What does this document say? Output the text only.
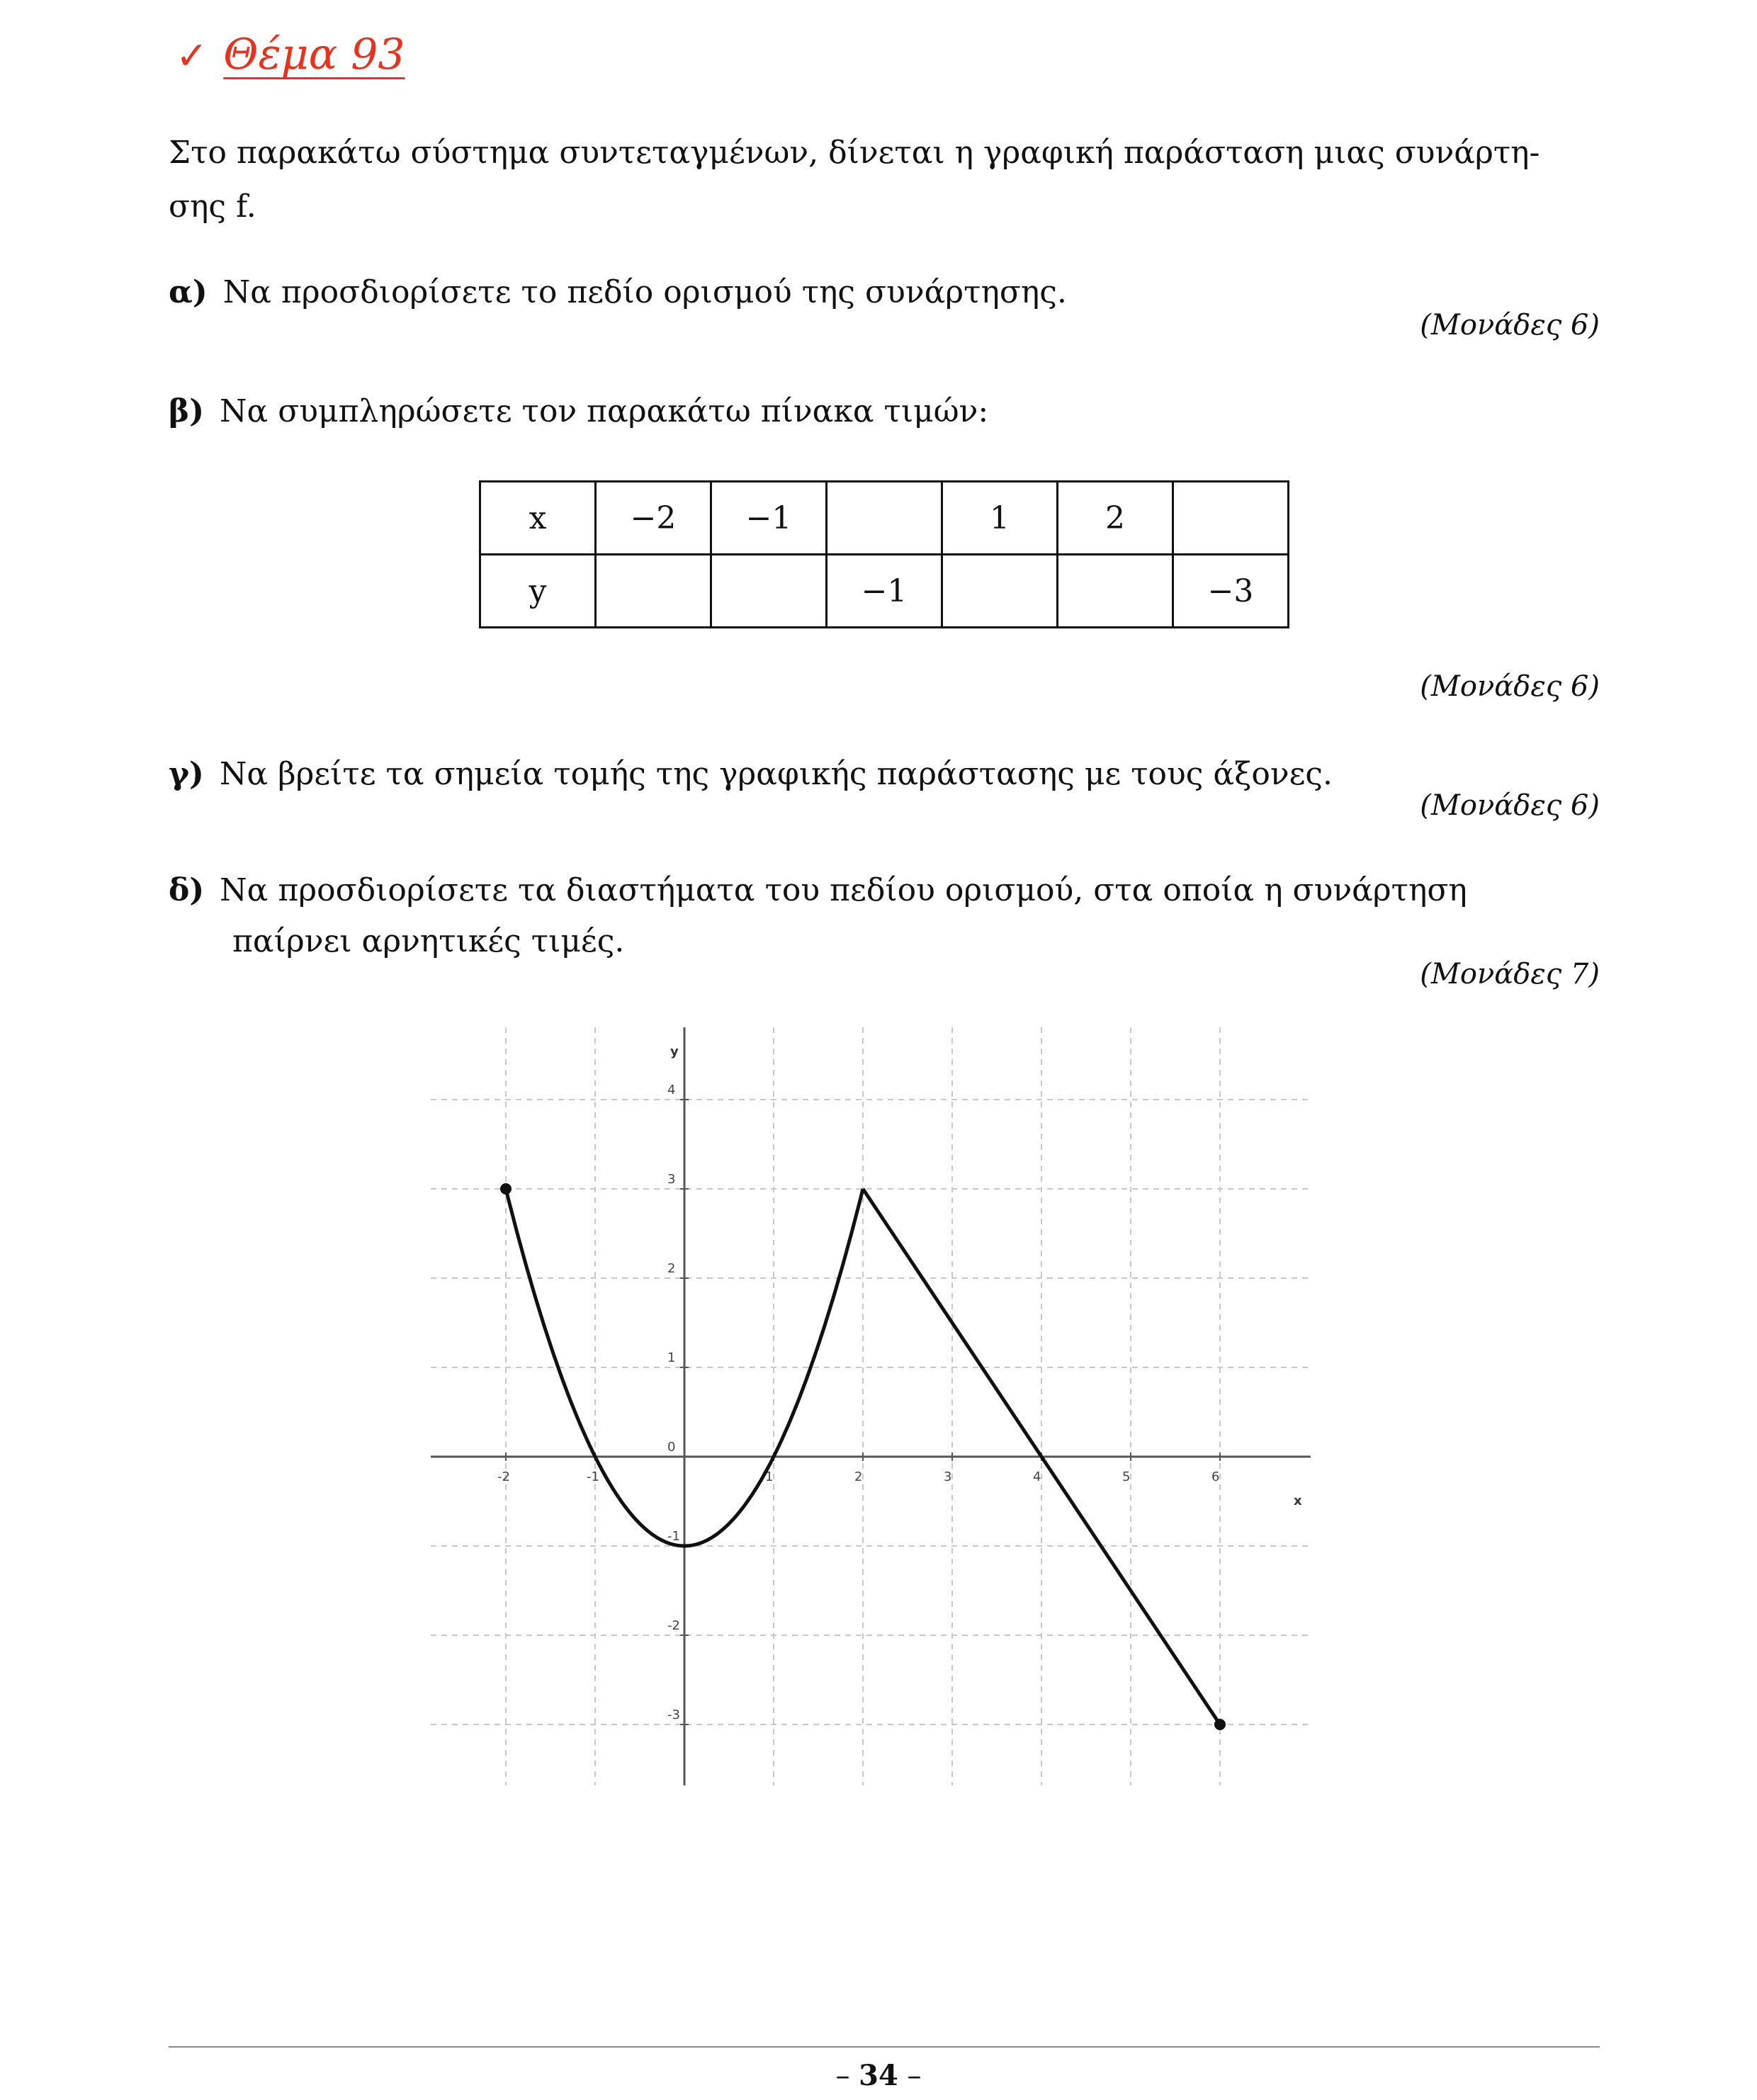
✓ Θέμα 93
Στο παρακάτω σύστημα συντεταγμένων, δίνεται η γραφική παράσταση μιας συνάρτη-
σης f.
α) Να προσδιορίσετε το πεδίο ορισμού της συνάρτησης.
(Μονάδες 6)
β) Να συμπληρώσετε τον παρακάτω πίνακα τιμών:
x	−2	−1		1	2	
y			−1			−3
(Μονάδες 6)
γ) Να βρείτε τα σημεία τομής της γραφικής παράστασης με τους άξονες.
(Μονάδες 6)
δ) Να προσδιορίσετε τα διαστήματα του πεδίου ορισμού, στα οποία η συνάρτηση
παίρνει αρνητικές τιμές.
(Μονάδες 7)
x
y
-2	-1	1	2	3	4	5	6
-3
-2
-1
0
1
2
3
4
– 34 –
